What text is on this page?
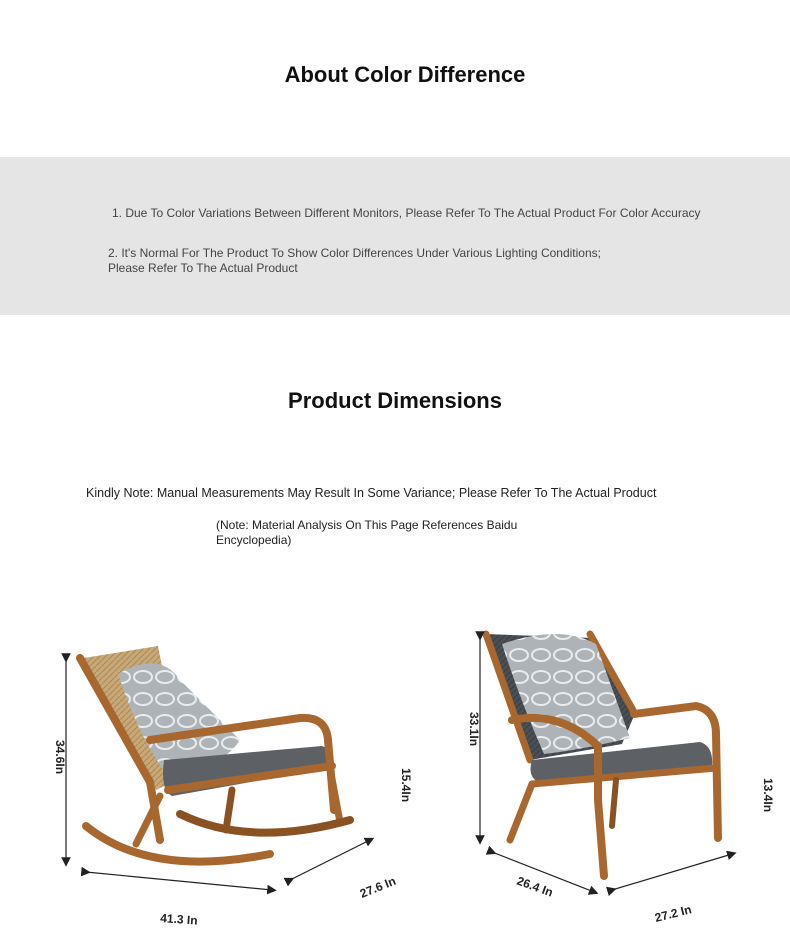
About Color Difference
1. Due To Color Variations Between Different Monitors, Please Refer To The Actual Product For Color Accuracy
2. It's Normal For The Product To Show Color Differences Under Various Lighting Conditions;
Please Refer To The Actual Product
Product Dimensions
Kindly Note: Manual Measurements May Result In Some Variance; Please Refer To The Actual Product
(Note: Material Analysis On This Page References Baidu
Encyclopedia)
34.6In
41.3 In
27.6 In
15.4In
33.1In
26.4 In
27.2 In
13.4In
